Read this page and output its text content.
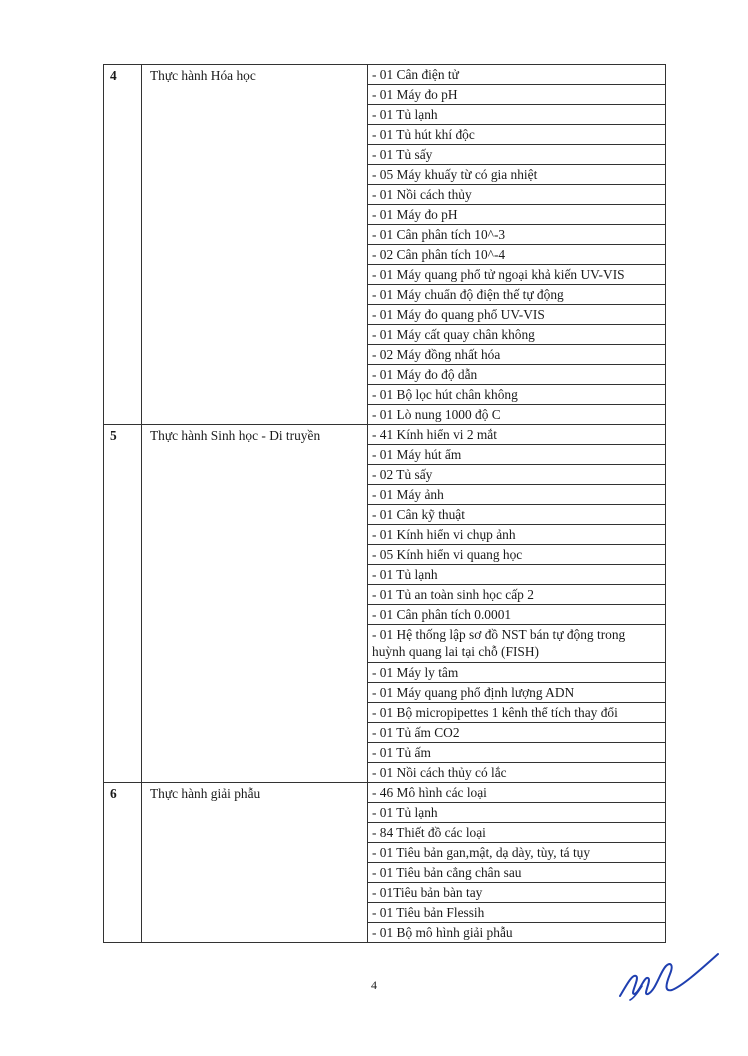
4	Thực hành Hóa học	- 01 Cân điện tử
		- 01 Máy đo pH
		- 01 Tủ lạnh
		- 01 Tủ hút khí độc
		- 01 Tủ sấy
		- 05 Máy khuấy từ có gia nhiệt
		- 01 Nồi cách thủy
		- 01 Máy đo pH
		- 01 Cân phân tích 10^-3
		- 02 Cân phân tích 10^-4
		- 01 Máy quang phổ tử ngoại khả kiến UV-VIS
		- 01 Máy chuẩn độ điện thế tự động
		- 01 Máy đo quang phổ UV-VIS
		- 01 Máy cất quay chân không
		- 02 Máy đồng nhất hóa
		- 01 Máy đo độ dẫn
		- 01 Bộ lọc hút chân không
		- 01 Lò nung 1000 độ C
5	Thực hành Sinh học - Di truyền	- 41 Kính hiển vi 2 mắt
		- 01 Máy hút ẩm
		- 02 Tủ sấy
		- 01 Máy ảnh
		- 01 Cân kỹ thuật
		- 01 Kính hiển vi chụp ảnh
		- 05 Kính hiển vi quang học
		- 01 Tủ lạnh
		- 01 Tủ an toàn sinh học cấp 2
		- 01 Cân phân tích 0.0001
		- 01 Hệ thống lập sơ đồ NST bán tự động trong huỳnh quang lai tại chỗ (FISH)
		- 01 Máy ly tâm
		- 01 Máy quang phổ định lượng ADN
		- 01 Bộ micropipettes 1 kênh thể tích thay đổi
		- 01 Tủ ấm CO2
		- 01 Tủ ấm
		- 01 Nồi cách thủy có lắc
6	Thực hành giải phẫu	- 46 Mô hình các loại
		- 01 Tủ lạnh
		- 84 Thiết đồ các loại
		- 01 Tiêu bản gan,mật, dạ dày, tùy, tá tụy
		- 01 Tiêu bản cẳng chân sau
		- 01Tiêu bản bàn tay
		- 01 Tiêu bản Flessih
		- 01 Bộ mô hình giải phẫu
4
